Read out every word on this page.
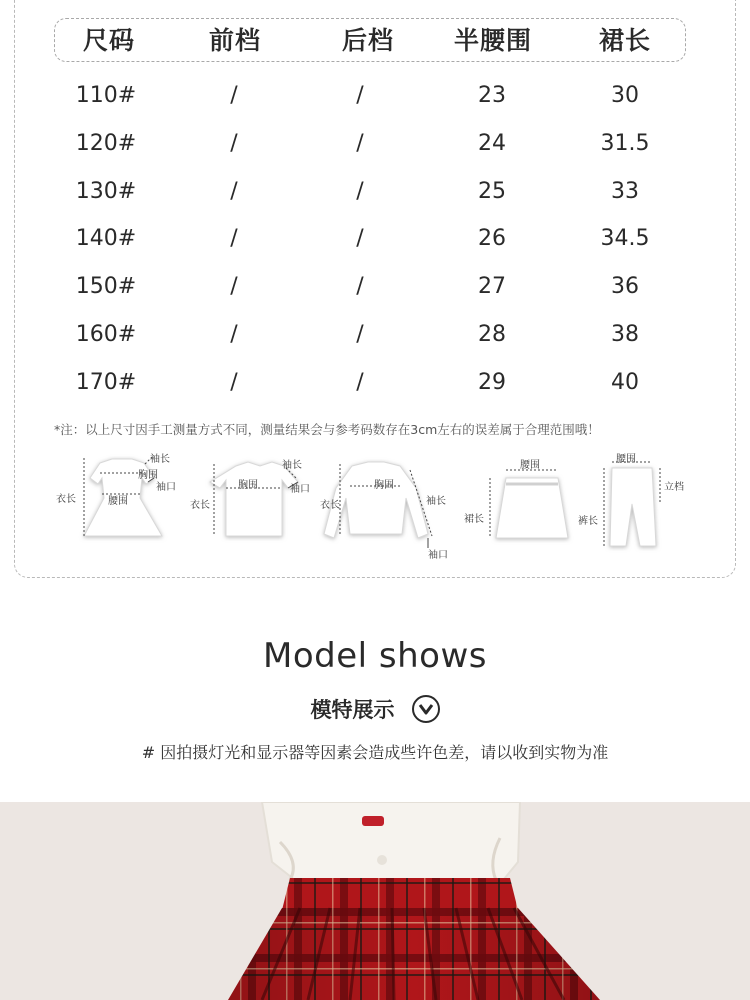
尺码	前档	后档	半腰围	裙长
110#	/	/	23	30
120#	/	/	24	31.5
130#	/	/	25	33
140#	/	/	26	34.5
150#	/	/	27	36
160#	/	/	28	38
170#	/	/	29	40
*注：以上尺寸因手工测量方式不同，测量结果会与参考码数存在3cm左右的误差属于合理范围哦！
胸围
袖长
袖口
腰围
衣长
袖长
胸围	袖口
衣长	衣长
胸围
袖长
袖口
腰围
裙长
腰围
立档
裤长
Model shows
模特展示
# 因拍摄灯光和显示器等因素会造成些许色差，请以收到实物为准
